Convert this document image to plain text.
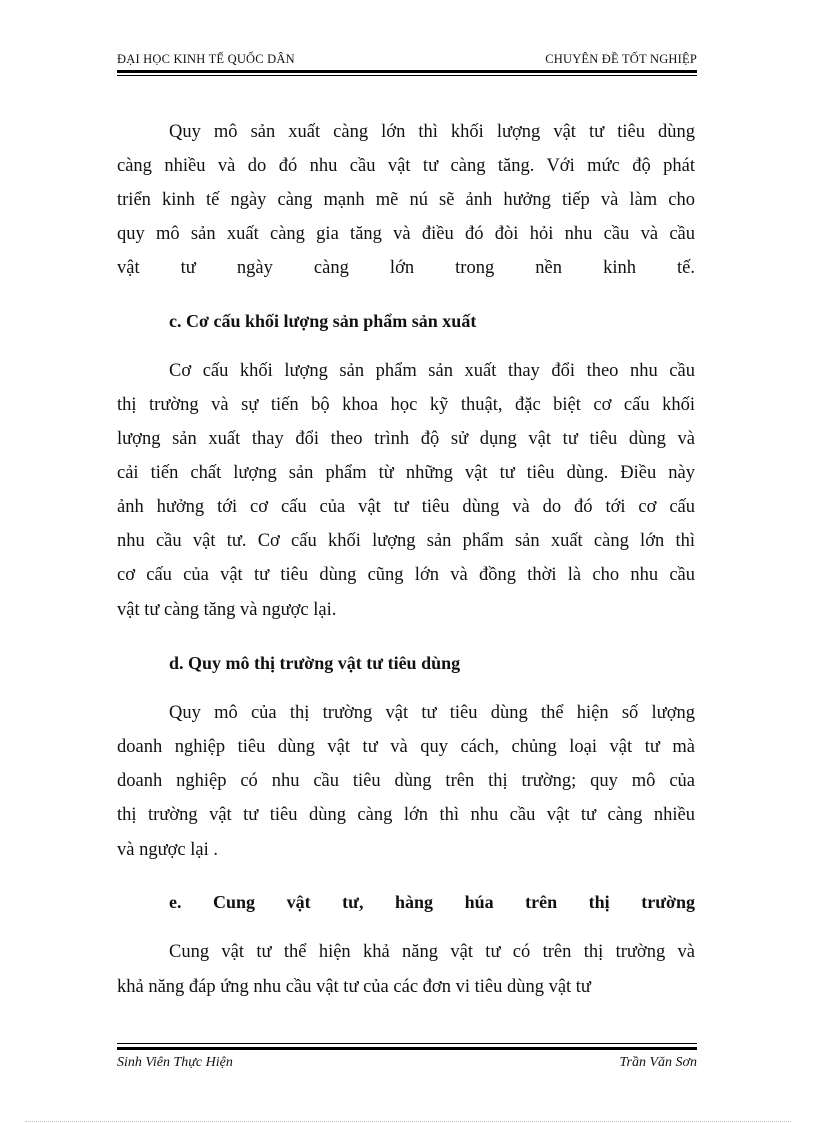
ĐẠI HỌC KINH TẾ QUỐC DÂN	CHUYÊN ĐỀ TỐT NGHIỆP
Quy mô sản xuất càng lớn thì khối lượng vật tư tiêu dùng
càng nhiều và do đó nhu cầu vật tư càng tăng. Với mức độ phát
triển kinh tế ngày càng mạnh mẽ nú sẽ ảnh hưởng tiếp và làm cho
quy mô sản xuất càng gia tăng và điều đó đòi hỏi nhu cầu và cầu
vật tư ngày càng lớn trong nền kinh tế.
c. Cơ cấu khối lượng sản phẩm sản xuất
Cơ cấu khối lượng sản phẩm sản xuất thay đổi theo nhu cầu
thị trường và sự tiến bộ khoa học kỹ thuật, đặc biệt cơ cấu khối
lượng sản xuất thay đổi theo trình độ sử dụng vật tư tiêu dùng và
cải tiến chất lượng sản phẩm từ những vật tư tiêu dùng. Điều này
ảnh hưởng tới cơ cấu của vật tư tiêu dùng và do đó tới cơ cấu
nhu cầu vật tư. Cơ cấu khối lượng sản phẩm sản xuất càng lớn thì
cơ cấu của vật tư tiêu dùng cũng lớn và đồng thời là cho nhu cầu
vật tư càng tăng và ngược lại.
d. Quy mô thị trường vật tư tiêu dùng
Quy mô của thị trường vật tư tiêu dùng thể hiện số lượng
doanh nghiệp tiêu dùng vật tư và quy cách, chủng loại vật tư mà
doanh nghiệp có nhu cầu tiêu dùng trên thị trường; quy mô của
thị trường vật tư tiêu dùng càng lớn thì nhu cầu vật tư càng nhiều
và ngược lại .
e. Cung vật tư, hàng húa trên thị trường
Cung vật tư thể hiện khả năng vật tư có trên thị trường và
khả năng đáp ứng nhu cầu vật tư của các đơn vi tiêu dùng vật tư
Sinh Viên Thực Hiện	Trần Văn Sơn
